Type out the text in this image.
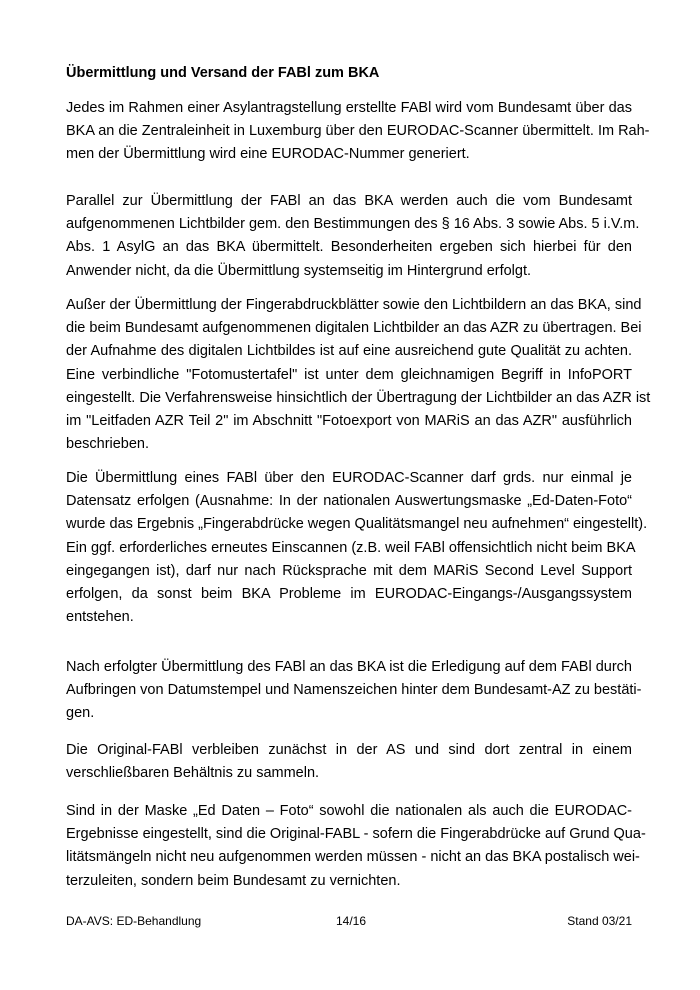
Übermittlung und Versand der FABl zum BKA
Jedes im Rahmen einer Asylantragstellung erstellte FABl wird vom Bundesamt über das
BKA an die Zentraleinheit in Luxemburg über den EURODAC-Scanner übermittelt. Im Rah-
men der Übermittlung wird eine EURODAC-Nummer generiert.
Parallel zur Übermittlung der FABl an das BKA werden auch die vom Bundesamt
aufgenommenen Lichtbilder gem. den Bestimmungen des § 16 Abs. 3 sowie Abs. 5 i.V.m.
Abs. 1 AsylG an das BKA übermittelt. Besonderheiten ergeben sich hierbei für den
Anwender nicht, da die Übermittlung systemseitig im Hintergrund erfolgt.
Außer der Übermittlung der Fingerabdruckblätter sowie den Lichtbildern an das BKA, sind
die beim Bundesamt aufgenommenen digitalen Lichtbilder an das AZR zu übertragen. Bei
der Aufnahme des digitalen Lichtbildes ist auf eine ausreichend gute Qualität zu achten.
Eine verbindliche "Fotomustertafel" ist unter dem gleichnamigen Begriff in InfoPORT
eingestellt. Die Verfahrensweise hinsichtlich der Übertragung der Lichtbilder an das AZR ist
im "Leitfaden AZR Teil 2" im Abschnitt "Fotoexport von MARiS an das AZR" ausführlich
beschrieben.
Die Übermittlung eines FABl über den EURODAC-Scanner darf grds. nur einmal je
Datensatz erfolgen (Ausnahme: In der nationalen Auswertungsmaske „Ed-Daten-Foto“
wurde das Ergebnis „Fingerabdrücke wegen Qualitätsmangel neu aufnehmen“ eingestellt).
Ein ggf. erforderliches erneutes Einscannen (z.B. weil FABl offensichtlich nicht beim BKA
eingegangen ist), darf nur nach Rücksprache mit dem MARiS Second Level Support
erfolgen, da sonst beim BKA Probleme im EURODAC-Eingangs-/Ausgangssystem
entstehen.
Nach erfolgter Übermittlung des FABl an das BKA ist die Erledigung auf dem FABl durch
Aufbringen von Datumstempel und Namenszeichen hinter dem Bundesamt-AZ zu bestäti-
gen.
Die Original-FABl verbleiben zunächst in der AS und sind dort zentral in einem
verschließbaren Behältnis zu sammeln.
Sind in der Maske „Ed Daten – Foto“ sowohl die nationalen als auch die EURODAC-
Ergebnisse eingestellt, sind die Original-FABL - sofern die Fingerabdrücke auf Grund Qua-
litätsmängeln nicht neu aufgenommen werden müssen - nicht an das BKA postalisch wei-
terzuleiten, sondern beim Bundesamt zu vernichten.
DA-AVS: ED-Behandlung	14/16	Stand 03/21
